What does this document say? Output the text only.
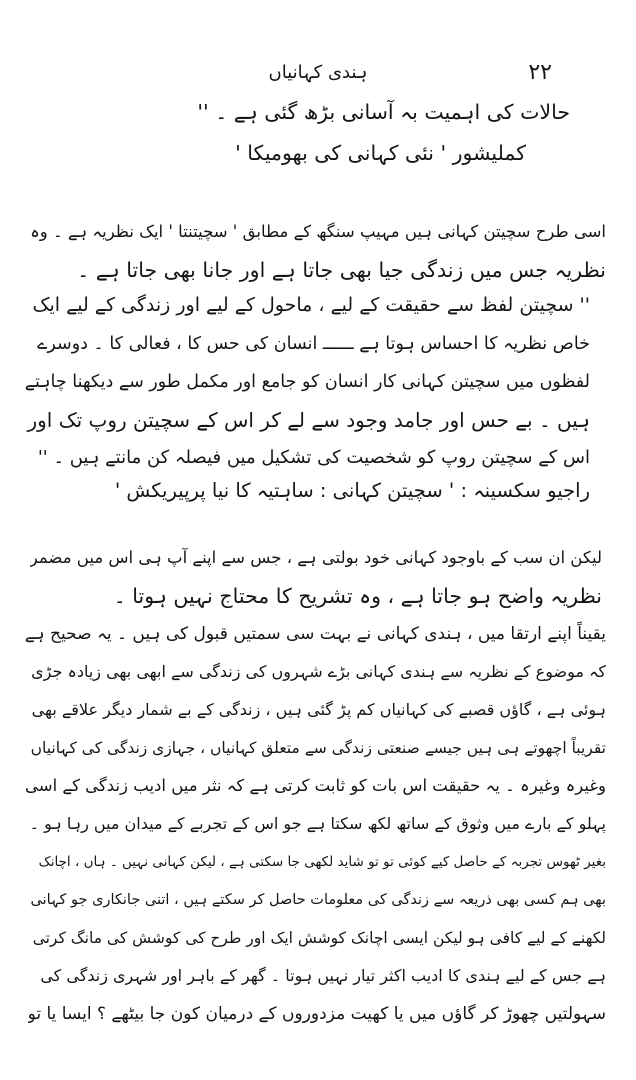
ہندی کہانیاں	۲۲
حالات کی اہمیت بہ آسانی بڑھ گئی ہے ۔ ''
کملیشور ' نئی کہانی کی بھومیکا '
اسی طرح سچیتن کہانی ہیں مہیپ سنگھ کے مطابق ' سچیتنتا ' ایک نظریہ ہے ۔ وہ
نظریہ جس میں زندگی جیا بھی جاتا ہے اور جانا بھی جاتا ہے ۔
'' سچیتن لفظ سے حقیقت کے لیے ، ماحول کے لیے اور زندگی کے لیے ایک
خاص نظریہ کا احساس ہوتا ہے ــــــ انسان کی حس کا ، فعالی کا ۔ دوسرے
لفظوں میں سچیتن کہانی کار انسان کو جامع اور مکمل طور سے دیکھنا چاہتے
ہیں ۔ بے حس اور جامد وجود سے لے کر اس کے سچیتن روپ تک اور
اس کے سچیتن روپ کو شخصیت کی تشکیل میں فیصلہ کن مانتے ہیں ۔ ''
راجیو سکسینہ : ' سچیتن کہانی : ساہتیہ کا نیا پرپیریکش '
لیکن ان سب کے باوجود کہانی خود بولتی ہے ، جس سے اپنے آپ ہی اس میں مضمر
نظریہ واضح ہو جاتا ہے ، وہ تشریح کا محتاج نہیں ہوتا ۔
یقیناً اپنے ارتقا میں ، ہندی کہانی نے بہت سی سمتیں قبول کی ہیں ۔ یہ صحیح ہے
کہ موضوع کے نظریہ سے ہندی کہانی بڑے شہروں کی زندگی سے ابھی بھی زیادہ جڑی
ہوئی ہے ، گاؤں قصبے کی کہانیاں کم پڑ گئی ہیں ، زندگی کے بے شمار دیگر علاقے بھی
تقریباً اچھوتے ہی ہیں جیسے صنعتی زندگی سے متعلق کہانیاں ، جہازی زندگی کی کہانیاں
وغیرہ وغیرہ ۔ یہ حقیقت اس بات کو ثابت کرتی ہے کہ نثر میں ادیب زندگی کے اسی
پہلو کے بارے میں وثوق کے ساتھ لکھ سکتا ہے جو اس کے تجربے کے میدان میں رہا ہو ۔
بغیر ٹھوس تجربہ کے حاصل کیے کوئی تو تو شاید لکھی جا سکتی ہے ، لیکن کہانی نہیں ۔ ہاں ، اچانک
بھی ہم کسی بھی ذریعہ سے زندگی کی معلومات حاصل کر سکتے ہیں ، اتنی جانکاری جو کہانی
لکھنے کے لیے کافی ہو لیکن ایسی اچانک کوشش ایک اور طرح کی کوشش کی مانگ کرتی
ہے جس کے لیے ہندی کا ادیب اکثر تیار نہیں ہوتا ۔ گھر کے باہر اور شہری زندگی کی
سہولتیں چھوڑ کر گاؤں میں یا کھیت مزدوروں کے درمیان کون جا بیٹھے ؟ ایسا یا تو
